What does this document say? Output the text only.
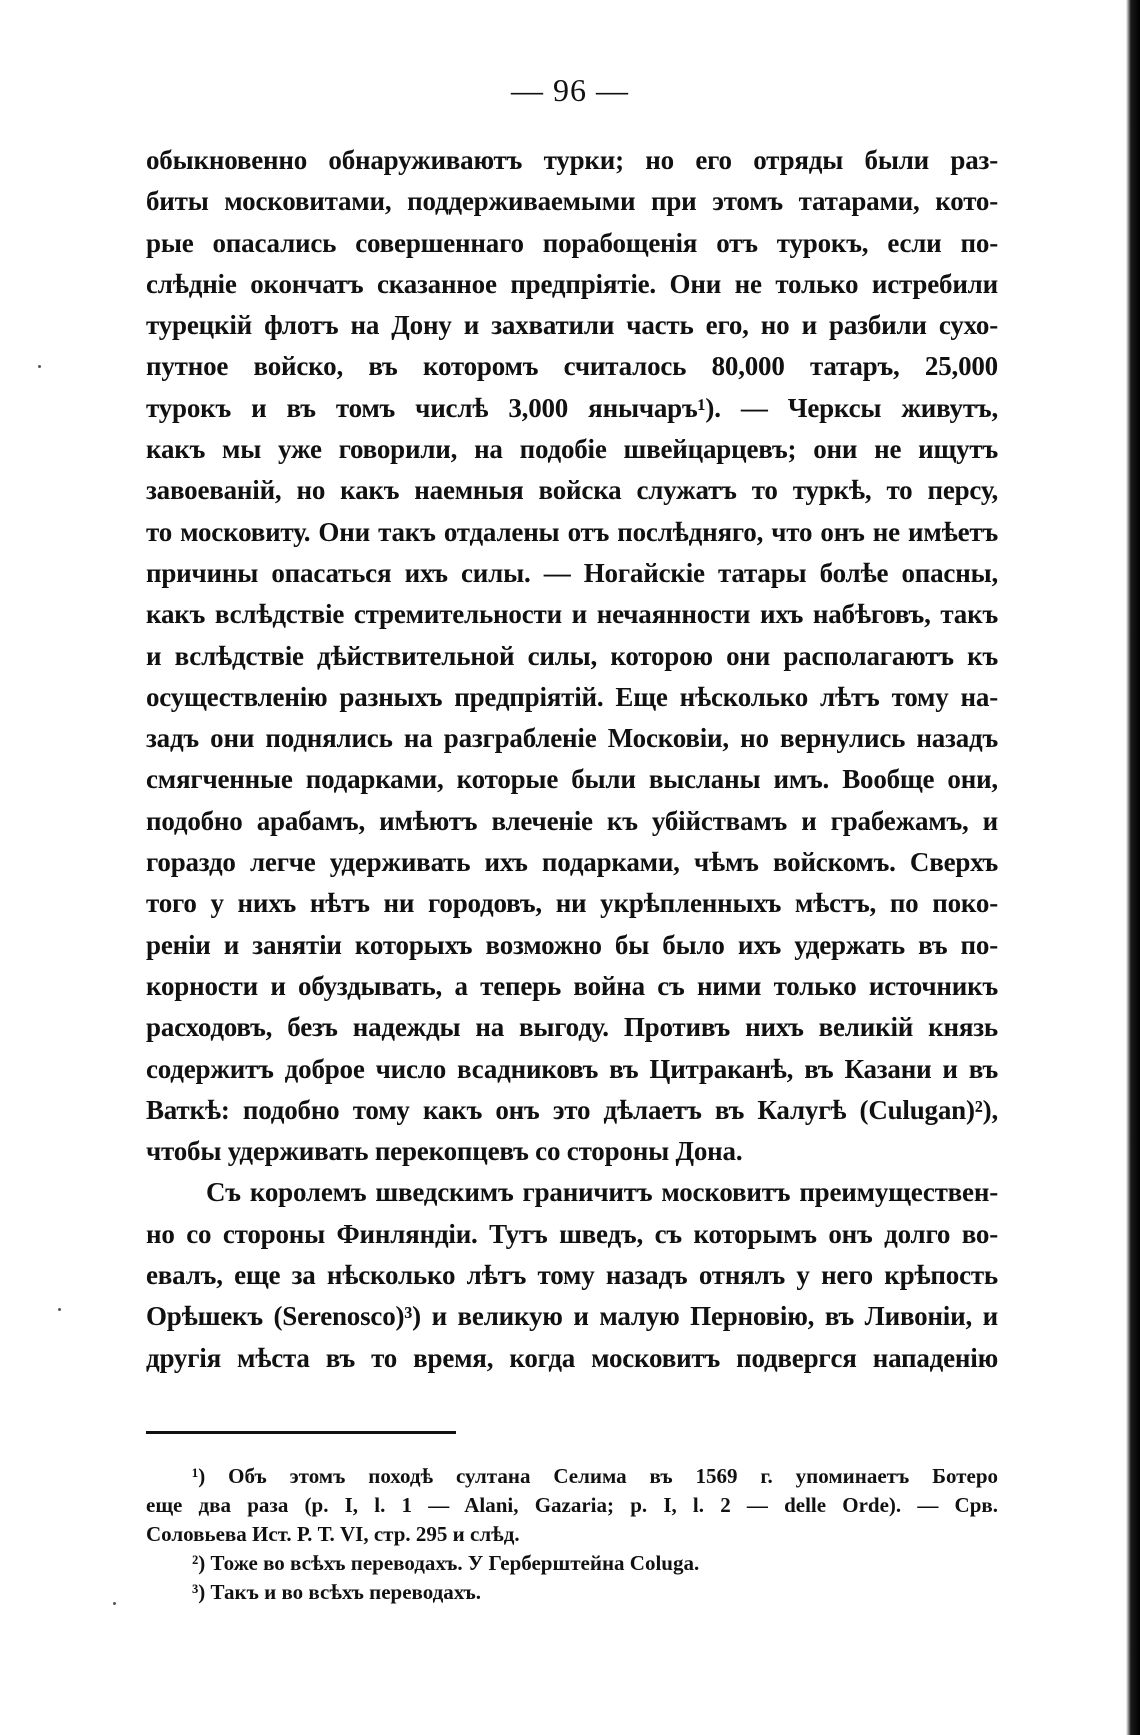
— 96 —
обыкновенно обнаруживаютъ турки; но его отряды были раз-
биты московитами, поддерживаемыми при этомъ татарами, кото-
рые опасались совершеннаго порабощенія отъ турокъ, если по-
слѣдніе окончатъ сказанное предпріятіе. Они не только истребили
турецкій флотъ на Дону и захватили часть его, но и разбили сухо-
путное войско, въ которомъ считалось 80,000 татаръ, 25,000
турокъ и въ томъ числѣ 3,000 янычаръ¹). — Черксы живутъ,
какъ мы уже говорили, на подобіе швейцарцевъ; они не ищутъ
завоеваній, но какъ наемныя войска служатъ то туркѣ, то персу,
то московиту. Они такъ отдалены отъ послѣдняго, что онъ не имѣетъ
причины опасаться ихъ силы. — Ногайскіе татары болѣе опасны,
какъ вслѣдствіе стремительности и нечаянности ихъ набѣговъ, такъ
и вслѣдствіе дѣйствительной силы, которою они располагаютъ къ
осуществленію разныхъ предпріятій. Еще нѣсколько лѣтъ тому на-
задъ они поднялись на разграбленіе Московіи, но вернулись назадъ
смягченные подарками, которые были высланы имъ. Вообще они,
подобно арабамъ, имѣютъ влеченіе къ убійствамъ и грабежамъ, и
гораздо легче удерживать ихъ подарками, чѣмъ войскомъ. Сверхъ
того у нихъ нѣтъ ни городовъ, ни укрѣпленныхъ мѣстъ, по поко-
реніи и занятіи которыхъ возможно бы было ихъ удержать въ по-
корности и обуздывать, а теперь война съ ними только источникъ
расходовъ, безъ надежды на выгоду. Противъ нихъ великій князь
содержитъ доброе число всадниковъ въ Цитраканѣ, въ Казани и въ
Ваткѣ: подобно тому какъ онъ это дѣлаетъ въ Калугѣ (Culugan)²),
чтобы удерживать перекопцевъ со стороны Дона.
Съ королемъ шведскимъ граничитъ московитъ преимуществен-
но со стороны Финляндіи. Тутъ шведъ, съ которымъ онъ долго во-
евалъ, еще за нѣсколько лѣтъ тому назадъ отнялъ у него крѣпость
Орѣшекъ (Serenosco)³) и великую и малую Перновію, въ Ливоніи, и
другія мѣста въ то время, когда московитъ подвергся нападенію
¹) Объ этомъ походѣ султана Селима въ 1569 г. упоминаетъ Ботеро
еще два раза (p. I, l. 1 — Alani, Gazaria; p. I, l. 2 — delle Orde). — Срв.
Соловьева Ист. Р. Т. VI, стр. 295 и слѣд.
²) Тоже во всѣхъ переводахъ. У Герберштейна Coluga.
³) Такъ и во всѣхъ переводахъ.
